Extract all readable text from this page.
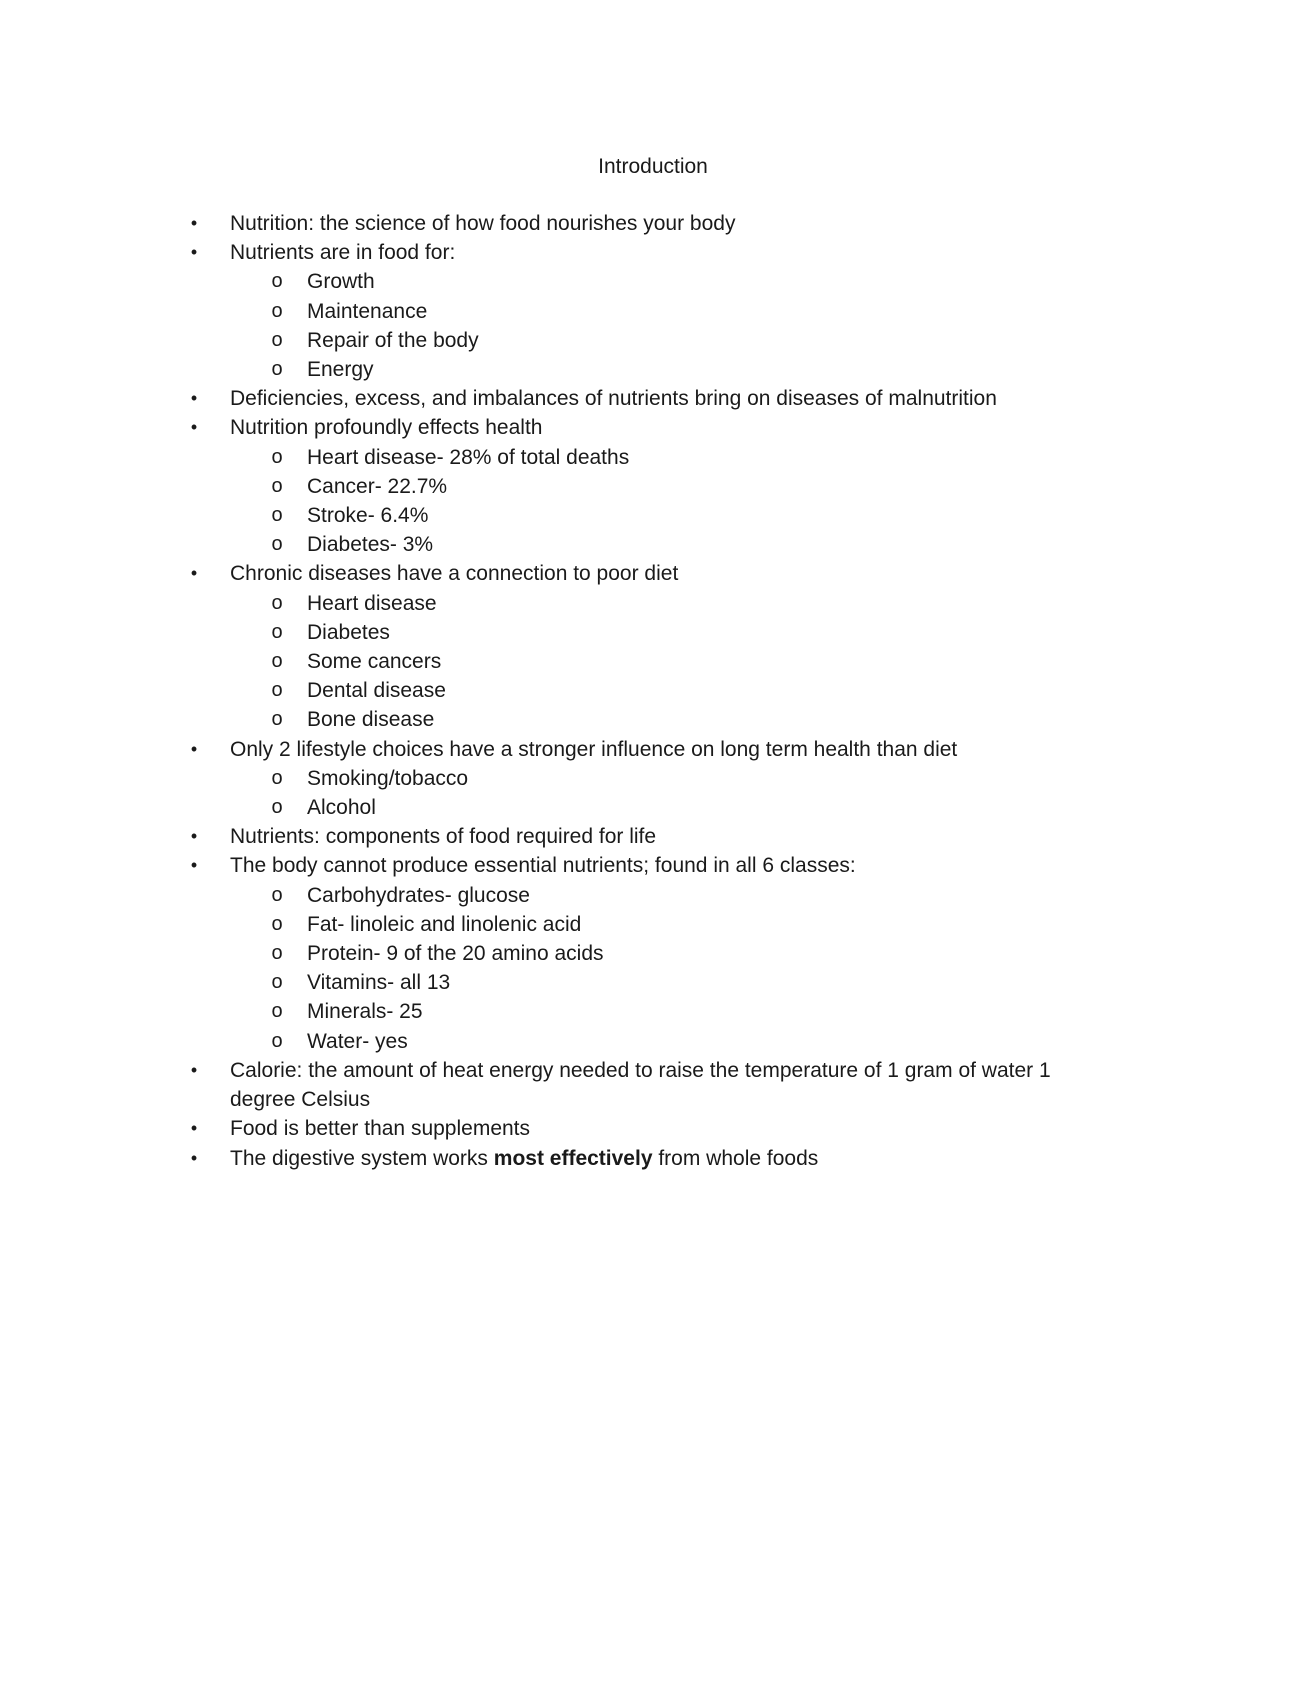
Introduction
•	Nutrition: the science of how food nourishes your body
•	Nutrients are in food for:
o Growth
o Maintenance
o Repair of the body
o Energy
•	Deficiencies, excess, and imbalances of nutrients bring on diseases of malnutrition
•	Nutrition profoundly effects health
o Heart disease- 28% of total deaths
o Cancer- 22.7%
o Stroke- 6.4%
o Diabetes- 3%
•	Chronic diseases have a connection to poor diet
o Heart disease
o Diabetes
o Some cancers
o Dental disease
o Bone disease
•	Only 2 lifestyle choices have a stronger influence on long term health than diet
o Smoking/tobacco
o Alcohol
•	Nutrients: components of food required for life
•	The body cannot produce essential nutrients; found in all 6 classes:
o Carbohydrates- glucose
o Fat- linoleic and linolenic acid
o Protein- 9 of the 20 amino acids
o Vitamins- all 13
o Minerals- 25
o Water- yes
•	Calorie: the amount of heat energy needed to raise the temperature of 1 gram of water 1 degree Celsius
•	Food is better than supplements
•	The digestive system works most effectively from whole foods
